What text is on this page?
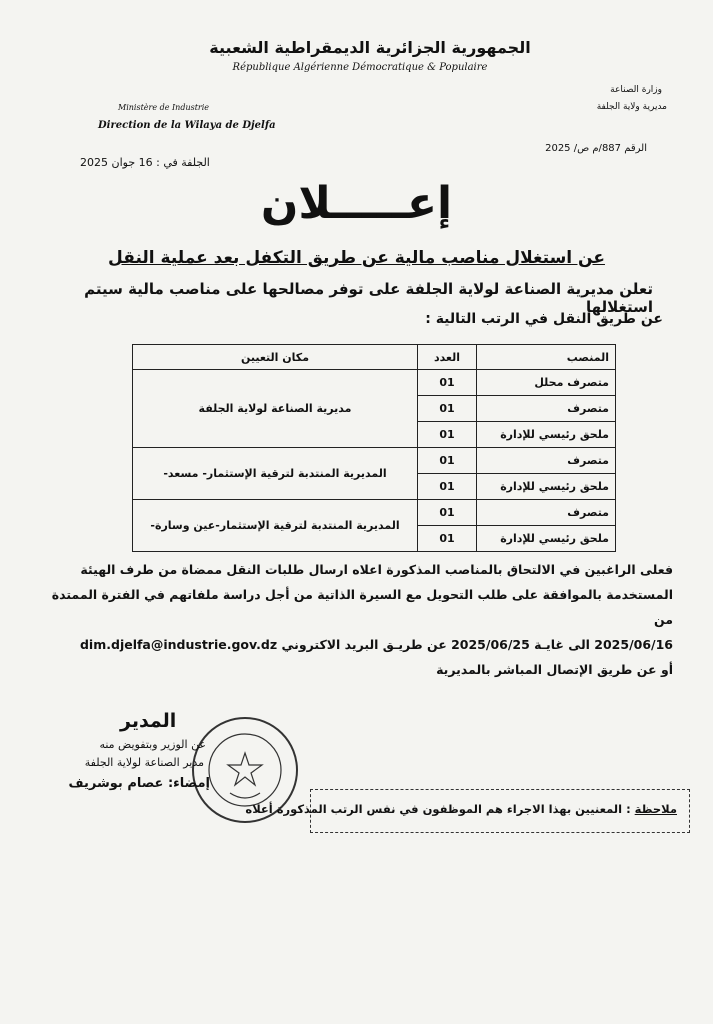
الجمهورية الجزائرية الديمقراطية الشعبية
République Algérienne Démocratique & Populaire
Ministère de Industrie
Direction de la Wilaya de Djelfa
وزارة الصناعة
مديرية ولاية الجلفة
الرقم 887/م ص/ 2025
الجلفة في : 16 جوان 2025
إعـــــلان
عن استغلال مناصب مالية عن طريق التكفل بعد عملية النقل
تعلن مديرية الصناعة لولاية الجلفة على توفر مصالحها على مناصب مالية سيتم استغلالها
عن طريق النقل في الرتب التالية :
المنصب	العدد	مكان التعيين
متصرف محلل	01	مديرية الصناعة لولاية الجلفة
متصرف	01	
ملحق رئيسي للإدارة	01	
متصرف	01	المديرية المنتدبة لترقية الإستثمار- مسعد-
ملحق رئيسي للإدارة	01	
متصرف	01	المديرية المنتدبة لترقية الإستثمار-عين وسارة-
ملحق رئيسي للإدارة	01	

فعلى الراغبين في الالتحاق بالمناصب المذكورة اعلاه ارسال طلبات النقل ممضاة من طرف الهيئة

المستخدمة بالموافقة على طلب التحويل مع السيرة الذاتية من أجل دراسة ملفاتهم في الفترة الممتدة من

2025/06/16 الى غايـة 2025/06/25 عن طريـق البريد الاكتروني dim.djelfa@industrie.gov.dz

أو عن طريق الإتصال المباشر بالمديرية

المدير
عن الوزير وبتفويض منه
مدير الصناعة لولاية الجلفة
إمضاء: عصام بوشريف
ملاحظة : المعنيين بهذا الاجراء هم الموظفون في نفس الرتب المذكورة أعلاه
